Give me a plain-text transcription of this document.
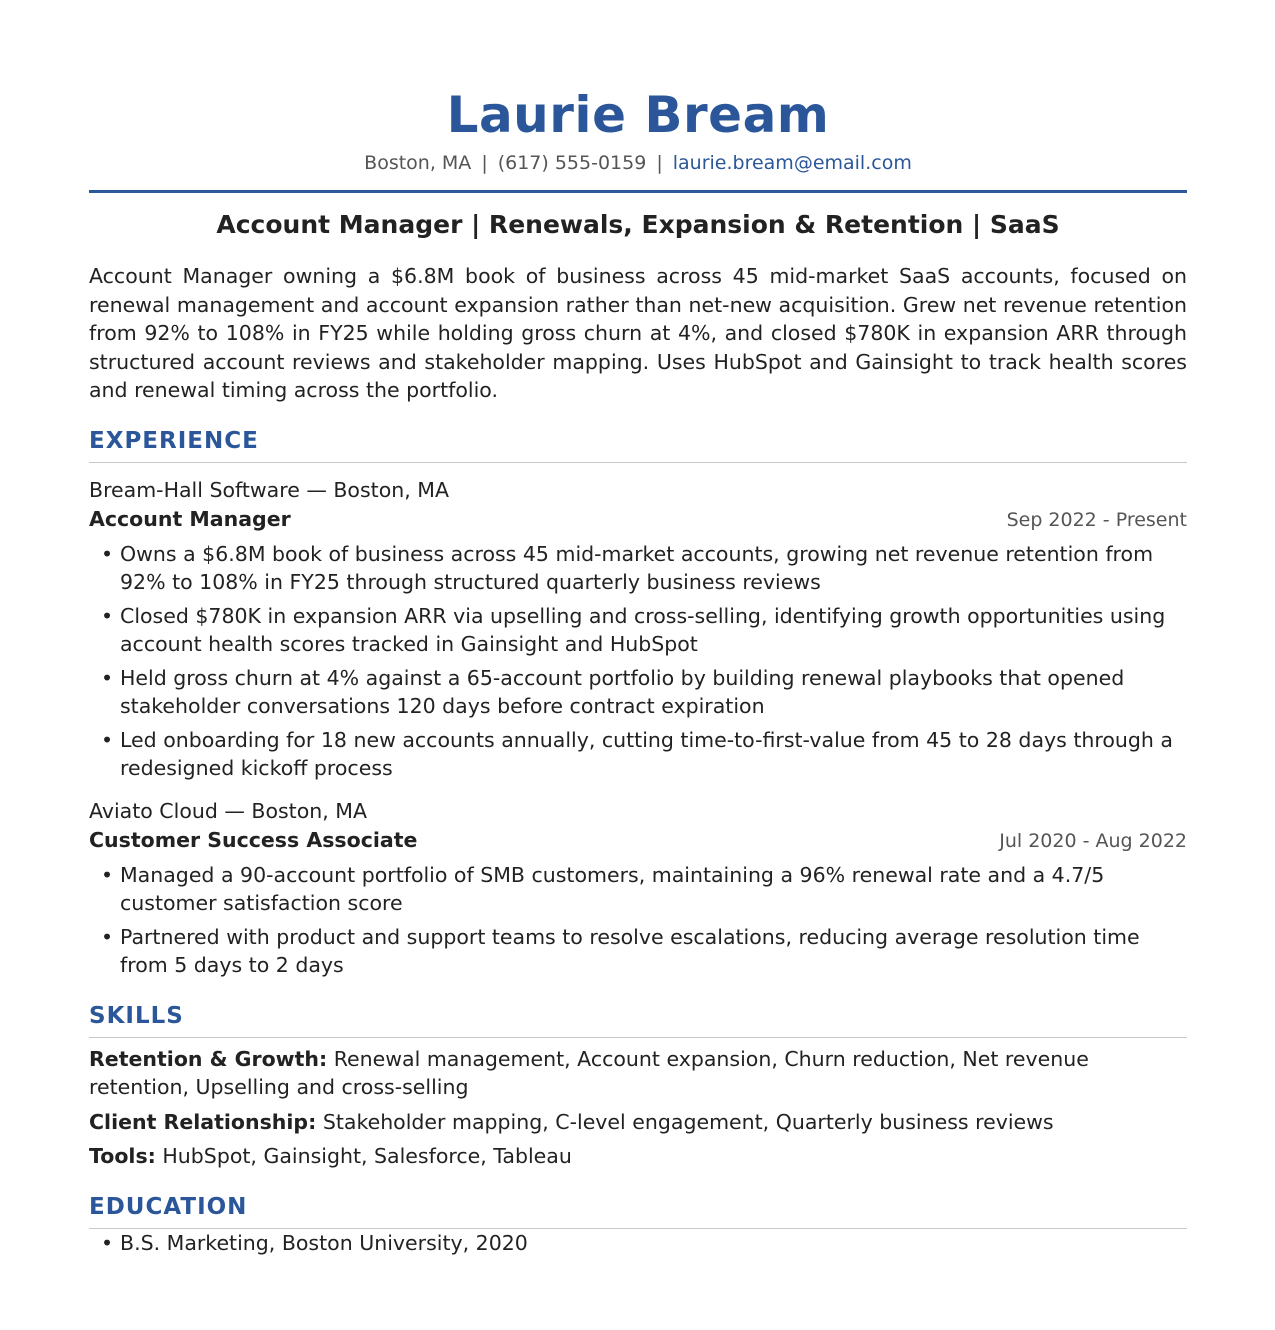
Laurie Bream
Boston, MA | (617) 555-0159 | laurie.bream@email.com
Account Manager | Renewals, Expansion & Retention | SaaS
Account Manager owning a $6.8M book of business across 45 mid-market SaaS accounts, focused on renewal management and account expansion rather than net-new acquisition. Grew net revenue retention from 92% to 108% in FY25 while holding gross churn at 4%, and closed $780K in expansion ARR through structured account reviews and stakeholder mapping. Uses HubSpot and Gainsight to track health scores and renewal timing across the portfolio.
EXPERIENCE
Bream-Hall Software — Boston, MA
Account Manager	Sep 2022 - Present
• Owns a $6.8M book of business across 45 mid-market accounts, growing net revenue retention from 92% to 108% in FY25 through structured quarterly business reviews
• Closed $780K in expansion ARR via upselling and cross-selling, identifying growth opportunities using account health scores tracked in Gainsight and HubSpot
• Held gross churn at 4% against a 65-account portfolio by building renewal playbooks that opened stakeholder conversations 120 days before contract expiration
• Led onboarding for 18 new accounts annually, cutting time-to-first-value from 45 to 28 days through a redesigned kickoff process
Aviato Cloud — Boston, MA
Customer Success Associate	Jul 2020 - Aug 2022
• Managed a 90-account portfolio of SMB customers, maintaining a 96% renewal rate and a 4.7/5 customer satisfaction score
• Partnered with product and support teams to resolve escalations, reducing average resolution time from 5 days to 2 days
SKILLS
Retention & Growth: Renewal management, Account expansion, Churn reduction, Net revenue retention, Upselling and cross-selling
Client Relationship: Stakeholder mapping, C-level engagement, Quarterly business reviews
Tools: HubSpot, Gainsight, Salesforce, Tableau
EDUCATION
• B.S. Marketing, Boston University, 2020
